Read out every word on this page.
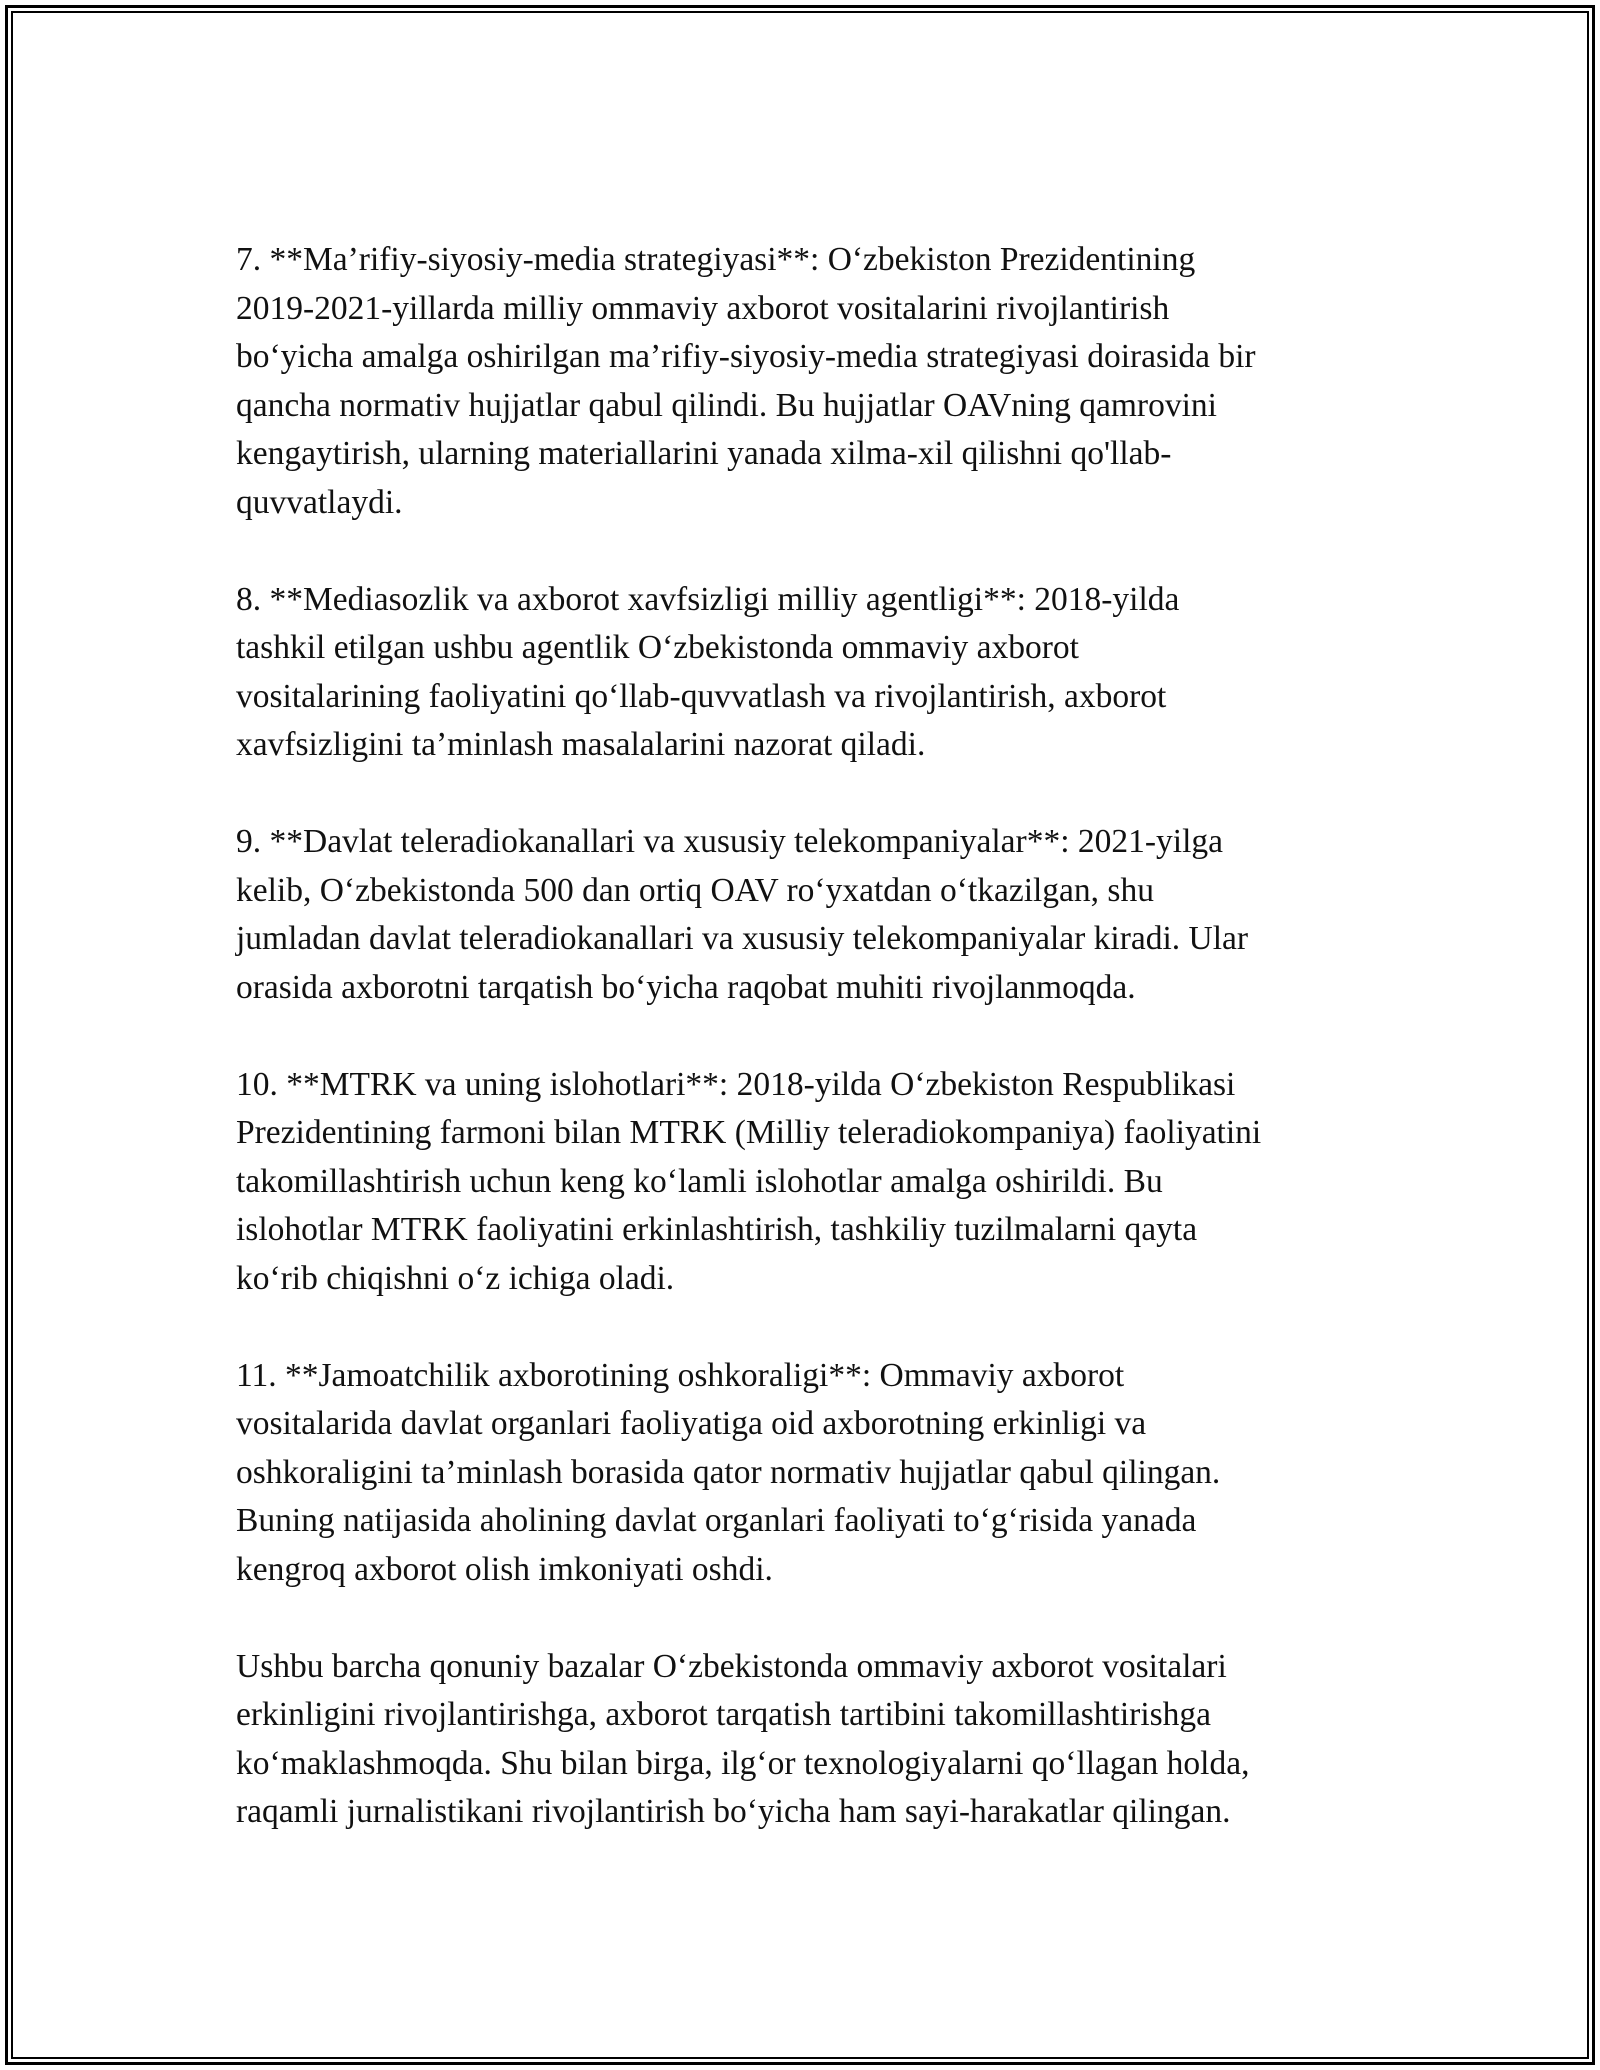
7. **Ma’rifiy-siyosiy-media strategiyasi**: O‘zbekiston Prezidentining
2019-2021-yillarda milliy ommaviy axborot vositalarini rivojlantirish
bo‘yicha amalga oshirilgan ma’rifiy-siyosiy-media strategiyasi doirasida bir
qancha normativ hujjatlar qabul qilindi. Bu hujjatlar OAVning qamrovini
kengaytirish, ularning materiallarini yanada xilma-xil qilishni qo'llab-
quvvatlaydi.

8. **Mediasozlik va axborot xavfsizligi milliy agentligi**: 2018-yilda
tashkil etilgan ushbu agentlik O‘zbekistonda ommaviy axborot
vositalarining faoliyatini qo‘llab-quvvatlash va rivojlantirish, axborot
xavfsizligini ta’minlash masalalarini nazorat qiladi.

9. **Davlat teleradiokanallari va xususiy telekompaniyalar**: 2021-yilga
kelib, O‘zbekistonda 500 dan ortiq OAV ro‘yxatdan o‘tkazilgan, shu
jumladan davlat teleradiokanallari va xususiy telekompaniyalar kiradi. Ular
orasida axborotni tarqatish bo‘yicha raqobat muhiti rivojlanmoqda.

10. **MTRK va uning islohotlari**: 2018-yilda O‘zbekiston Respublikasi
Prezidentining farmoni bilan MTRK (Milliy teleradiokompaniya) faoliyatini
takomillashtirish uchun keng ko‘lamli islohotlar amalga oshirildi. Bu
islohotlar MTRK faoliyatini erkinlashtirish, tashkiliy tuzilmalarni qayta
ko‘rib chiqishni o‘z ichiga oladi.

11. **Jamoatchilik axborotining oshkoraligi**: Ommaviy axborot
vositalarida davlat organlari faoliyatiga oid axborotning erkinligi va
oshkoraligini ta’minlash borasida qator normativ hujjatlar qabul qilingan.
Buning natijasida aholining davlat organlari faoliyati to‘g‘risida yanada
kengroq axborot olish imkoniyati oshdi.

Ushbu barcha qonuniy bazalar O‘zbekistonda ommaviy axborot vositalari
erkinligini rivojlantirishga, axborot tarqatish tartibini takomillashtirishga
ko‘maklashmoqda. Shu bilan birga, ilg‘or texnologiyalarni qo‘llagan holda,
raqamli jurnalistikani rivojlantirish bo‘yicha ham sayi-harakatlar qilingan.
